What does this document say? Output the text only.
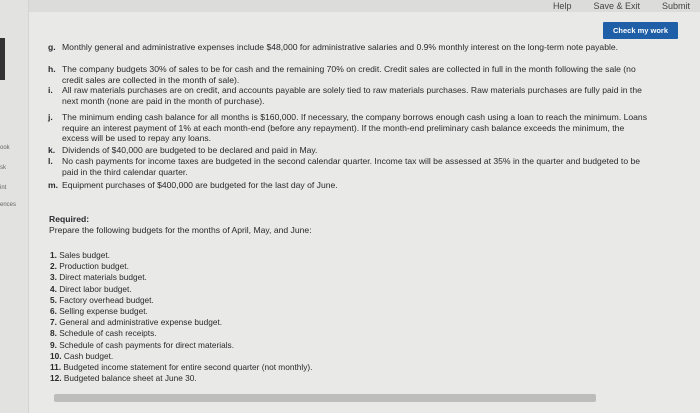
Help Save & Exit Submit
ook
sk
int
ences
Check my work
g. Monthly general and administrative expenses include $48,000 for administrative salaries and 0.9% monthly interest on the long-term note payable.
h. The company budgets 30% of sales to be for cash and the remaining 70% on credit. Credit sales are collected in full in the month following the sale (no credit sales are collected in the month of sale).
i. All raw materials purchases are on credit, and accounts payable are solely tied to raw materials purchases. Raw materials purchases are fully paid in the next month (none are paid in the month of purchase).
j. The minimum ending cash balance for all months is $160,000. If necessary, the company borrows enough cash using a loan to reach the minimum. Loans require an interest payment of 1% at each month-end (before any repayment). If the month-end preliminary cash balance exceeds the minimum, the excess will be used to repay any loans.
k. Dividends of $40,000 are budgeted to be declared and paid in May.
l. No cash payments for income taxes are budgeted in the second calendar quarter. Income tax will be assessed at 35% in the quarter and budgeted to be paid in the third calendar quarter.
m. Equipment purchases of $400,000 are budgeted for the last day of June.
Required:
Prepare the following budgets for the months of April, May, and June:
1. Sales budget.
2. Production budget.
3. Direct materials budget.
4. Direct labor budget.
5. Factory overhead budget.
6. Selling expense budget.
7. General and administrative expense budget.
8. Schedule of cash receipts.
9. Schedule of cash payments for direct materials.
10. Cash budget.
11. Budgeted income statement for entire second quarter (not monthly).
12. Budgeted balance sheet at June 30.
